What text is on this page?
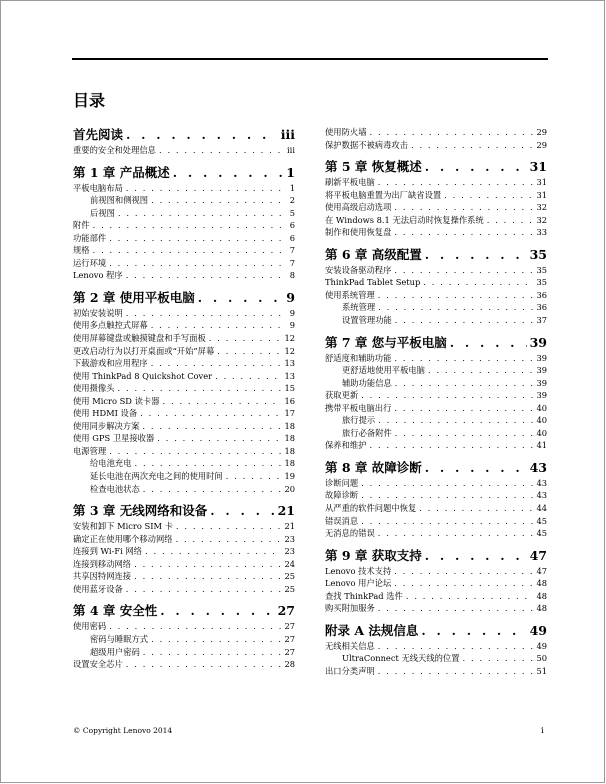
目录
首先阅读 . . .	iii
重要的安全和处理信息 . . .	iii
第 1 章 产品概述 . . .	1
平板电脑布局 . . .	1
前视图和侧视图 . . .	2
后视图 . . .	5
附件 . . .	6
功能部件 . . .	6
规格 . . .	7
运行环境 . . .	7
Lenovo 程序 . . .	8
第 2 章 使用平板电脑 . . .	9
初始安装说明 . . .	9
使用多点触控式屏幕 . . .	9
使用屏幕键盘或触摸键盘和手写面板 . . .	12
更改启动行为以打开桌面或“开始”屏幕 . . .	12
下载游戏和应用程序 . . .	13
使用 ThinkPad 8 Quickshot Cover . . .	13
使用摄像头 . . .	15
使用 Micro SD 读卡器 . . .	16
使用 HDMI 设备 . . .	17
使用同步解决方案 . . .	18
使用 GPS 卫星接收器 . . .	18
电源管理 . . .	18
给电池充电 . . .	18
延长电池在两次充电之间的使用时间 . . .	19
检查电池状态 . . .	20
第 3 章 无线网络和设备 . . .	21
安装和卸下 Micro SIM 卡 . . .	21
确定正在使用哪个移动网络 . . .	23
连接到 Wi-Fi 网络 . . .	23
连接到移动网络 . . .	24
共享因特网连接 . . .	25
使用蓝牙设备 . . .	25
第 4 章 安全性 . . .	27
使用密码 . . .	27
密码与睡眠方式 . . .	27
超级用户密码 . . .	27
设置安全芯片 . . .	28
使用防火墙 . . .	29
保护数据不被病毒攻击 . . .	29
第 5 章 恢复概述 . . .	31
刷新平板电脑 . . .	31
将平板电脑重置为出厂缺省设置 . . .	31
使用高级启动选项 . . .	32
在 Windows 8.1 无法启动时恢复操作系统 . . .	32
制作和使用恢复盘 . . .	33
第 6 章 高级配置 . . .	35
安装设备驱动程序 . . .	35
ThinkPad Tablet Setup . . .	35
使用系统管理 . . .	36
系统管理 . . .	36
设置管理功能 . . .	37
第 7 章 您与平板电脑 . . .	39
舒适度和辅助功能 . . .	39
更舒适地使用平板电脑 . . .	39
辅助功能信息 . . .	39
获取更新 . . .	39
携带平板电脑出行 . . .	40
旅行提示 . . .	40
旅行必备附件 . . .	40
保养和维护 . . .	41
第 8 章 故障诊断 . . .	43
诊断问题 . . .	43
故障诊断 . . .	43
从严重的软件问题中恢复 . . .	44
错误消息 . . .	45
无消息的错误 . . .	45
第 9 章 获取支持 . . .	47
Lenovo 技术支持 . . .	47
Lenovo 用户论坛 . . .	48
查找 ThinkPad 选件 . . .	48
购买附加服务 . . .	48
附录 A 法规信息 . . .	49
无线相关信息 . . .	49
UltraConnect 无线天线的位置 . . .	50
出口分类声明 . . .	51
© Copyright Lenovo 2014	i
